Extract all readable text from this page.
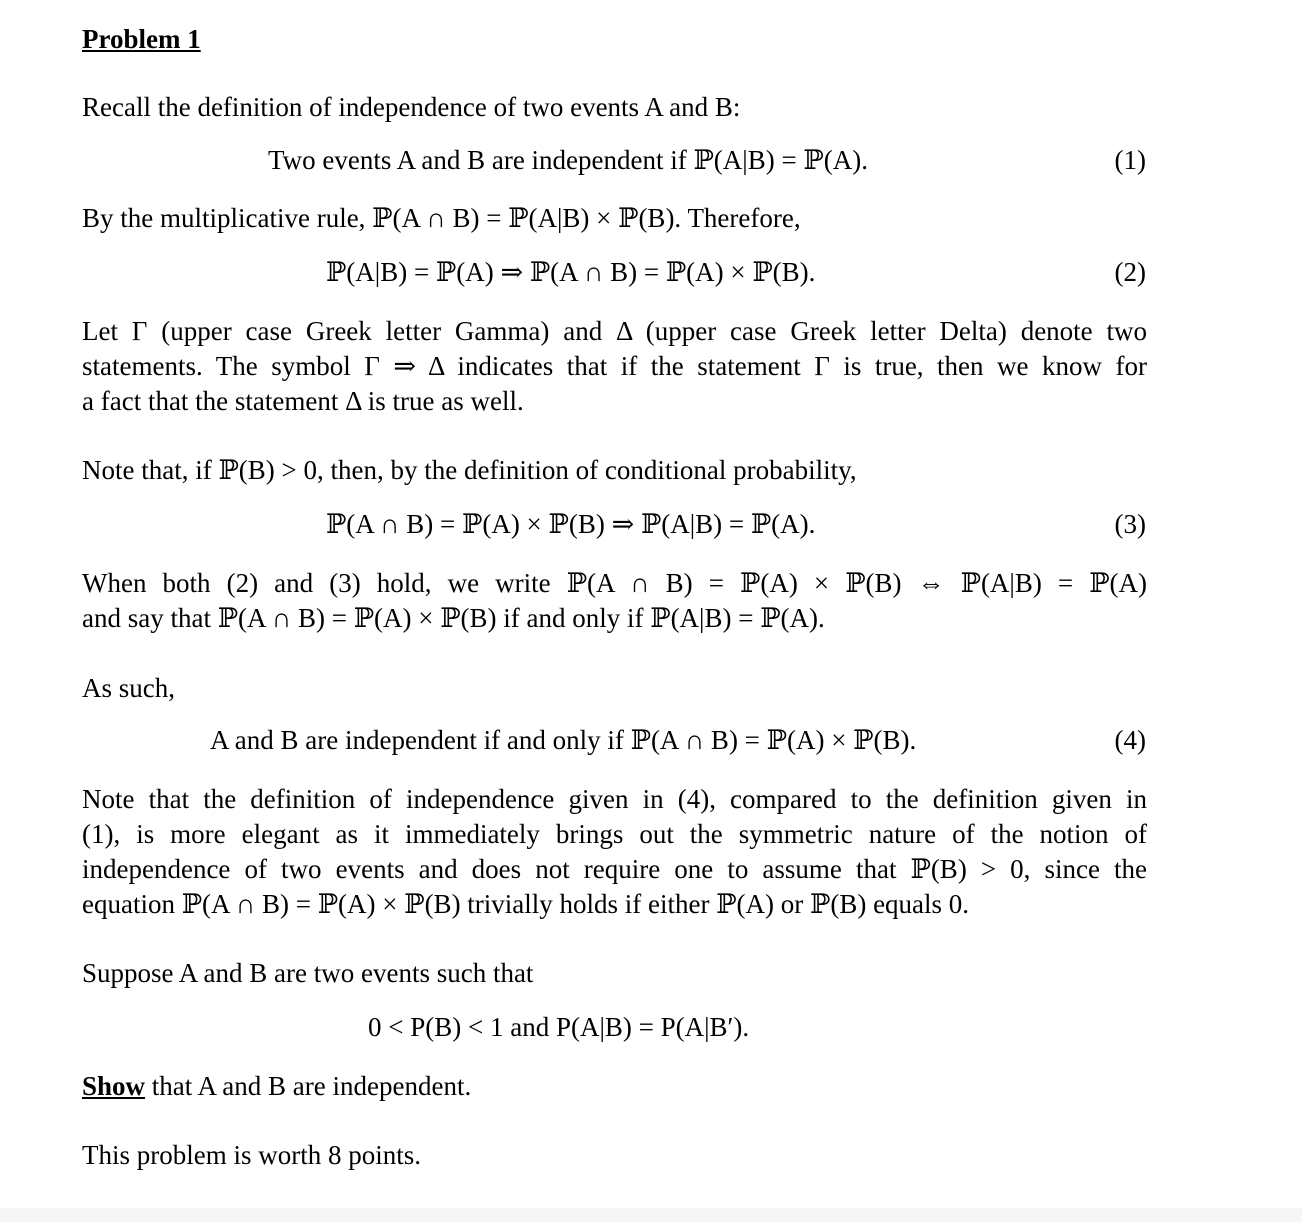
Problem 1
Recall the definition of independence of two events A and B:
Two events A and B are independent if ℙ(A|B) = ℙ(A).	(1)
By the multiplicative rule, ℙ(A ∩ B) = ℙ(A|B) × ℙ(B). Therefore,
ℙ(A|B) = ℙ(A) ⇒ ℙ(A ∩ B) = ℙ(A) × ℙ(B).	(2)
Let Γ (upper case Greek letter Gamma) and Δ (upper case Greek letter Delta) denote two
statements. The symbol Γ ⇒ Δ indicates that if the statement Γ is true, then we know for
a fact that the statement Δ is true as well.
Note that, if ℙ(B) > 0, then, by the definition of conditional probability,
ℙ(A ∩ B) = ℙ(A) × ℙ(B) ⇒ ℙ(A|B) = ℙ(A).	(3)
When both (2) and (3) hold, we write ℙ(A ∩ B) = ℙ(A) × ℙ(B) ⇔ ℙ(A|B) = ℙ(A)
and say that ℙ(A ∩ B) = ℙ(A) × ℙ(B) if and only if ℙ(A|B) = ℙ(A).
As such,
A and B are independent if and only if ℙ(A ∩ B) = ℙ(A) × ℙ(B).	(4)
Note that the definition of independence given in (4), compared to the definition given in
(1), is more elegant as it immediately brings out the symmetric nature of the notion of
independence of two events and does not require one to assume that ℙ(B) > 0, since the
equation ℙ(A ∩ B) = ℙ(A) × ℙ(B) trivially holds if either ℙ(A) or ℙ(B) equals 0.
Suppose A and B are two events such that
0 < P(B) < 1 and P(A|B) = P(A|B′).
Show that A and B are independent.
This problem is worth 8 points.
